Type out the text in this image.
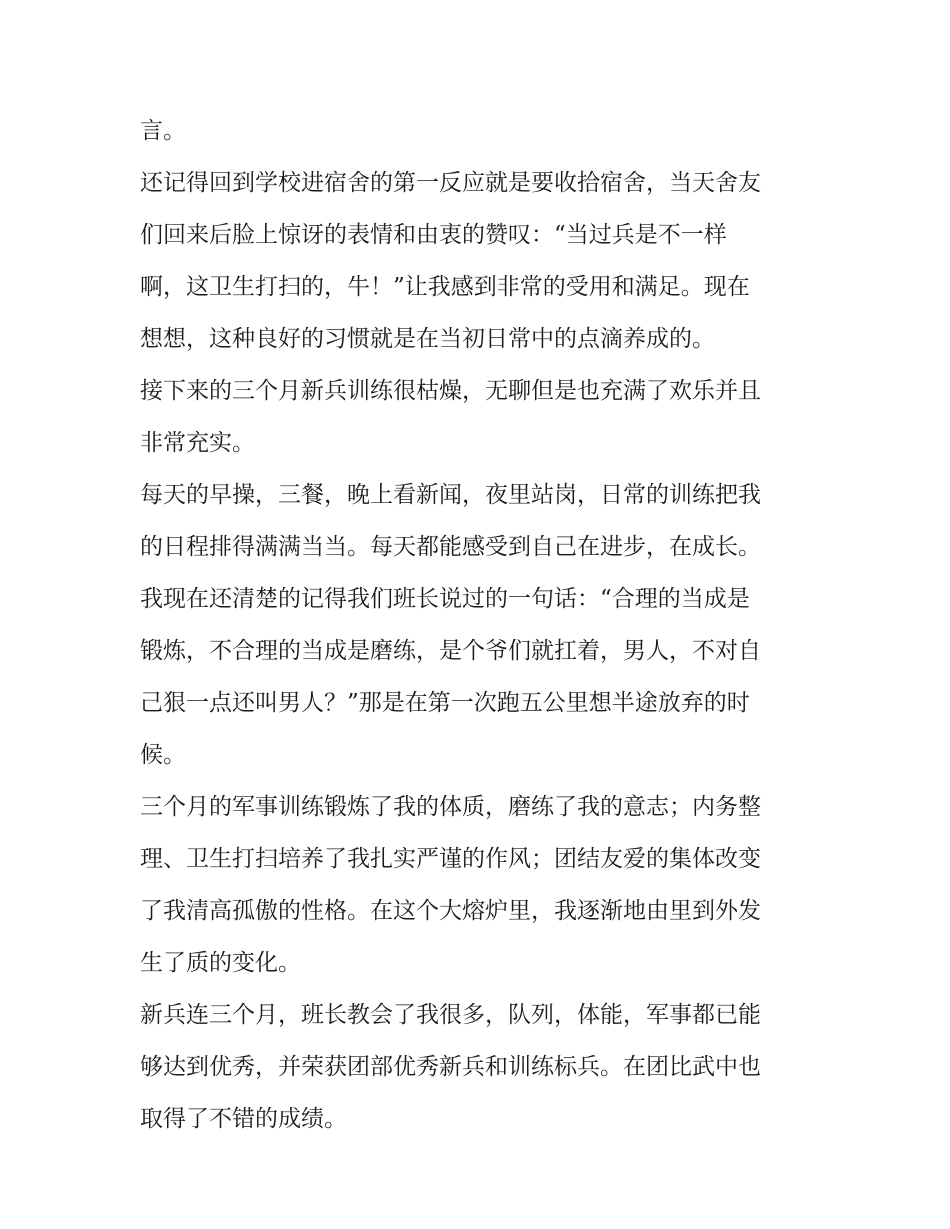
言。
还记得回到学校进宿舍的第一反应就是要收拾宿舍，当天舍友
们回来后脸上惊讶的表情和由衷的赞叹：“当过兵是不一样
啊，这卫生打扫的，牛！”让我感到非常的受用和满足。现在
想想，这种良好的习惯就是在当初日常中的点滴养成的。
接下来的三个月新兵训练很枯燥，无聊但是也充满了欢乐并且
非常充实。
每天的早操，三餐，晚上看新闻，夜里站岗，日常的训练把我
的日程排得满满当当。每天都能感受到自己在进步，在成长。
我现在还清楚的记得我们班长说过的一句话：“合理的当成是
锻炼，不合理的当成是磨练，是个爷们就扛着，男人，不对自
己狠一点还叫男人？”那是在第一次跑五公里想半途放弃的时
候。
三个月的军事训练锻炼了我的体质，磨练了我的意志；内务整
理、卫生打扫培养了我扎实严谨的作风；团结友爱的集体改变
了我清高孤傲的性格。在这个大熔炉里，我逐渐地由里到外发
生了质的变化。
新兵连三个月，班长教会了我很多，队列，体能，军事都已能
够达到优秀，并荣获团部优秀新兵和训练标兵。在团比武中也
取得了不错的成绩。
